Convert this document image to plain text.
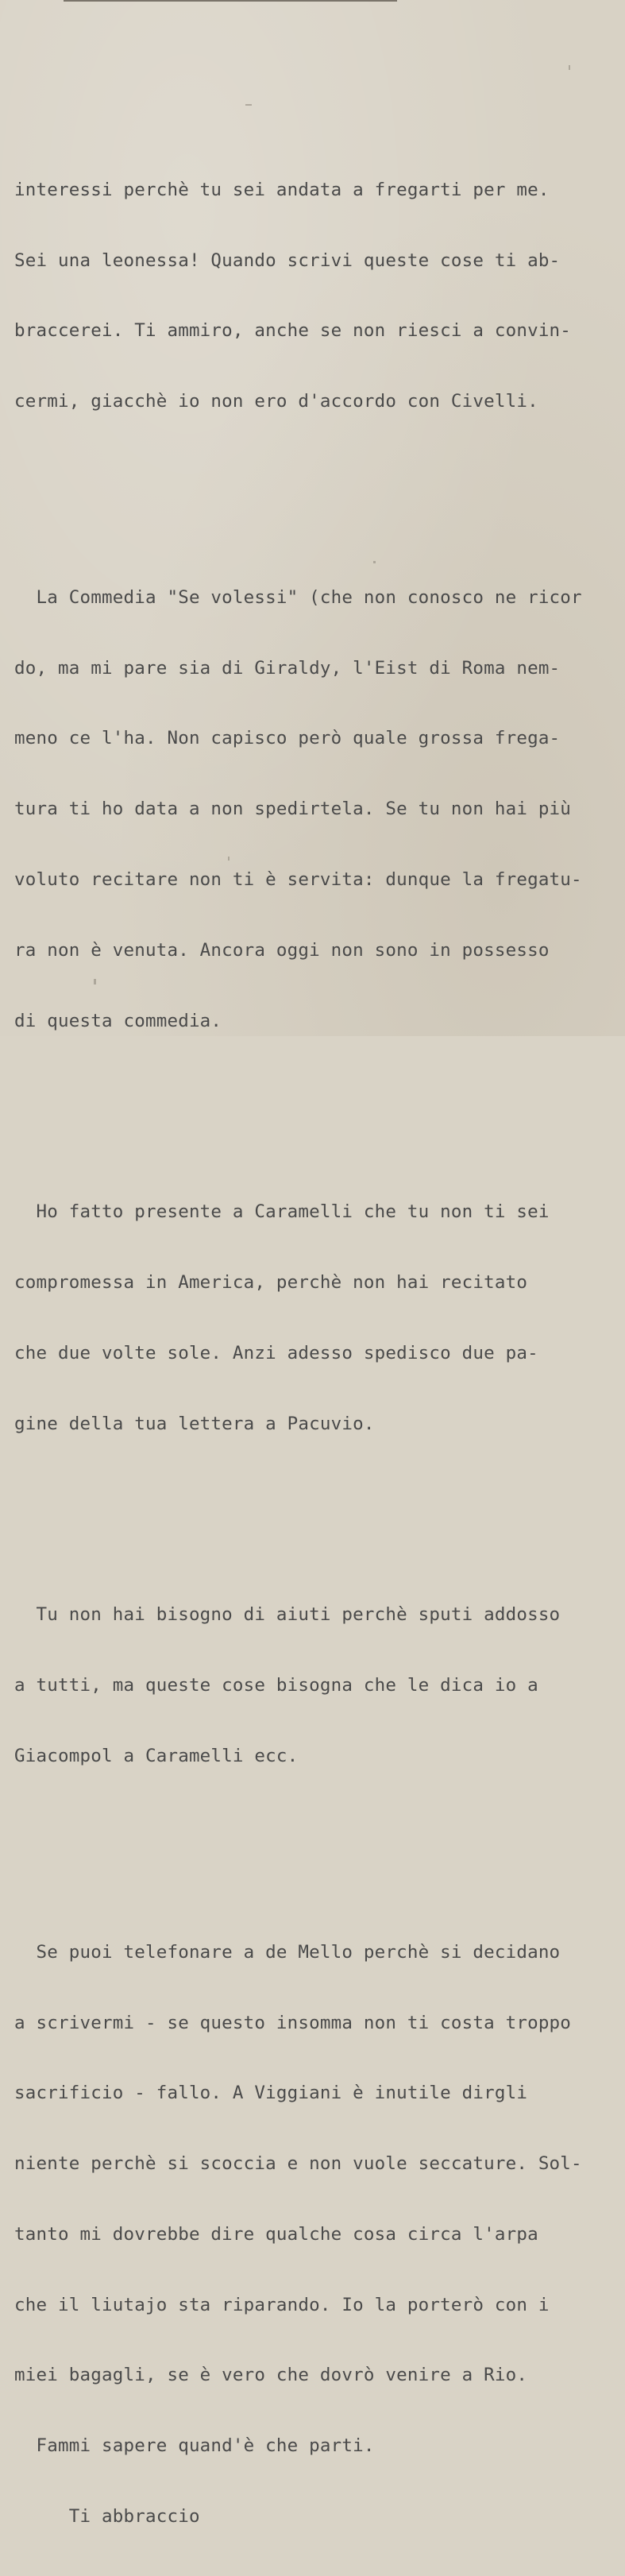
interessi perchè tu sei andata a fregarti per me.

Sei una leonessa! Quando scrivi queste cose ti ab-

braccerei. Ti ammiro, anche se non riesci a convin-

cermi, giacchè io non ero d'accordo con Civelli.

La Commedia "Se volessi" (che non conosco ne ricor

do, ma mi pare sia di Giraldy, l'Eist di Roma nem-

meno ce l'ha. Non capisco però quale grossa frega-

tura ti ho data a non spedirtela. Se tu non hai più

voluto recitare non ti è servita: dunque la fregatu-

ra non è venuta. Ancora oggi non sono in possesso

di questa commedia.

Ho fatto presente a Caramelli che tu non ti sei

compromessa in America, perchè non hai recitato

che due volte sole. Anzi adesso spedisco due pa-

gine della tua lettera a Pacuvio.

Tu non hai bisogno di aiuti perchè sputi addosso

a tutti, ma queste cose bisogna che le dica io a

Giacompol a Caramelli ecc.

Se puoi telefonare a de Mello perchè si decidano

a scrivermi - se questo insomma non ti costa troppo

sacrificio - fallo. A Viggiani è inutile dirgli

niente perchè si scoccia e non vuole seccature. Sol-

tanto mi dovrebbe dire qualche cosa circa l'arpa

che il liutajo sta riparando. Io la porterò con i

miei bagagli, se è vero che dovrò venire a Rio.

Fammi sapere quand'è che parti.

Ti abbraccio
